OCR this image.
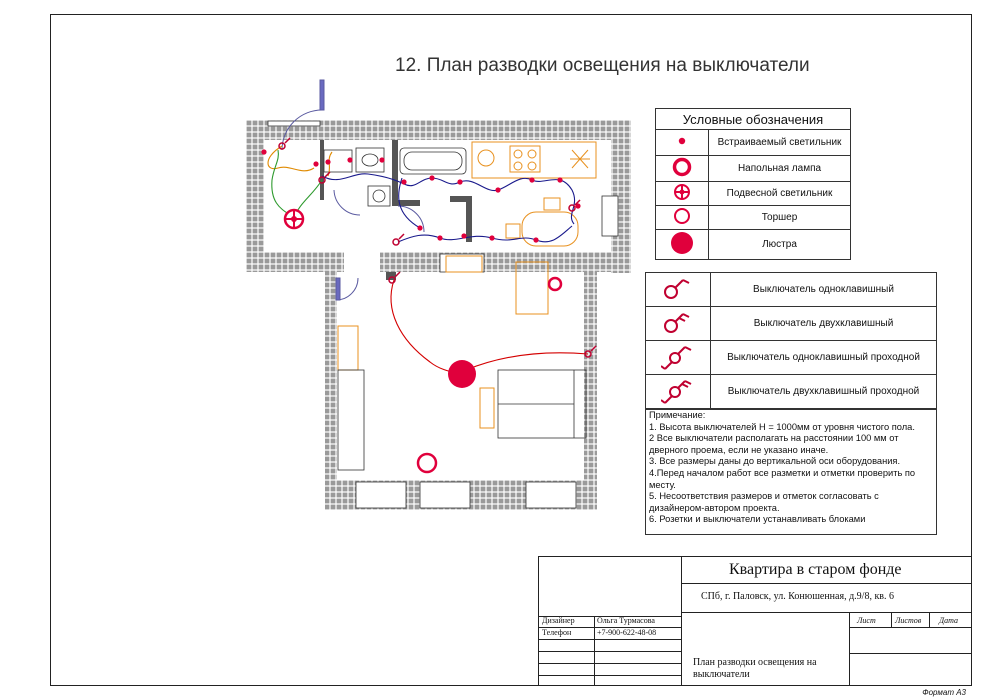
12. План разводки освещения на выключатели
Условные обозначения	
	Встраиваемый светильник
	Напольная лампа
	Подвесной светильник
	Торшер
	Люстра
	Выключатель одноклавишный
	Выключатель двухклавишный
	Выключатель одноклавишный проходной
	Выключатель двухклавишный проходной
Примечание:
1. Высота выключателей Н = 1000мм от уровня чистого пола.
2 Все выключатели располагать на расстоянии 100 мм от дверного проема, если не указано иначе.
3. Все размеры даны до вертикальной оси оборудования.
4.Перед началом работ все разметки и отметки проверить по месту.
5. Несоответствия размеров и отметок согласовать с дизайнером-автором проекта.
6. Розетки и выключатели устанавливать блоками
Квартира в старом фонде
СПб, г. Паловск, ул. Конюшенная, д.9/8, кв. 6
Дизайнер	Ольга Турмасова
Телефон	+7-900-622-48-08
Лист Листов Дата
План разводки освещения на выключатели
Формат А3
